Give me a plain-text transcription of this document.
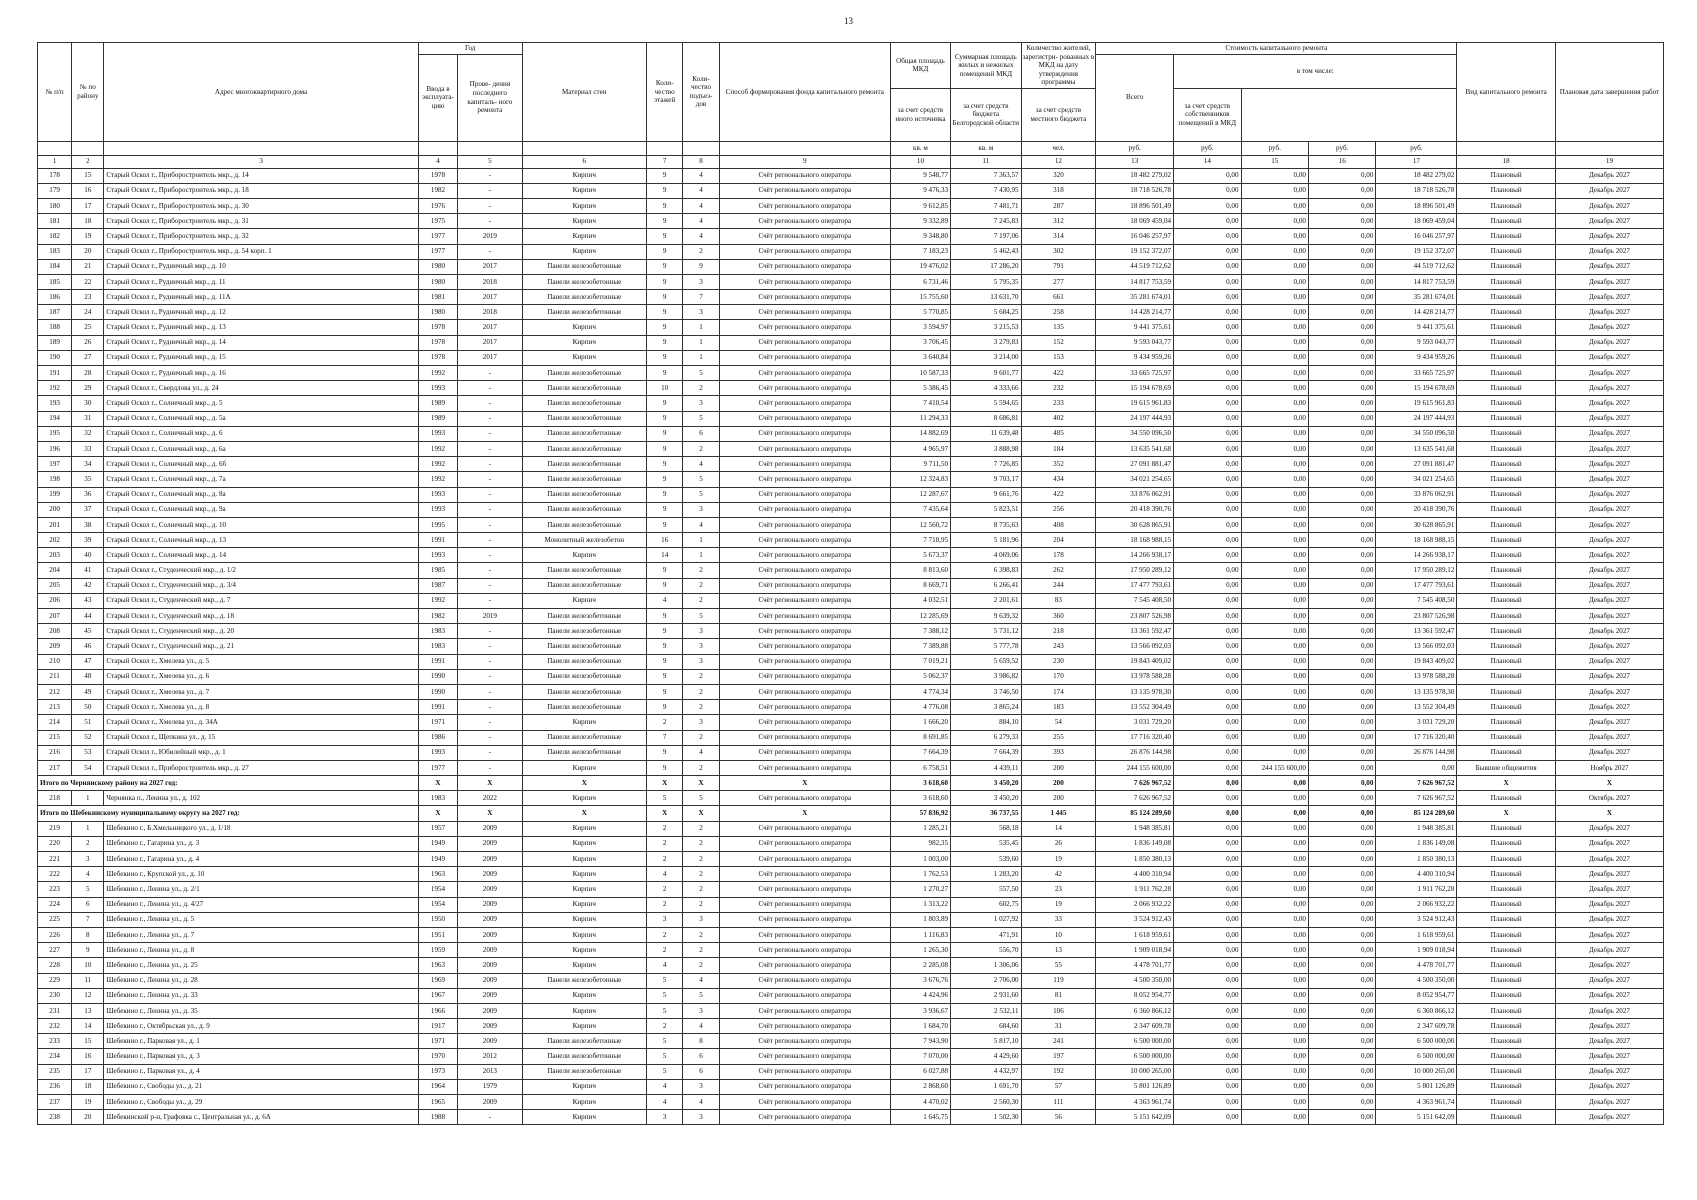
13
№ п/п	№ по району	Адрес многоквартирного дома	Год		Материал стен	Коли- чество этажей	Коли- чество подъез- дов	Способ формирования фонда капитального ремонта	Общая площадь МКД	Суммарная площадь жилых и нежилых помещений МКД	Количество жителей, зарегистри- рованных в МКД на дату утверждения программы	Стоимость капитального ремонта					Вид капитального ремонта	Плановая дата завершения работ
			Ввода в эксплуата- цию	Прове- дения последнего капиталь- ного ремонта								Всего	в том числе:					
									за счет средств иного источника	за счет средств бюджета Белгородской области	за счет средств местного бюджета		за счет средств собственников помещений в МКД					
									кв. м	кв. м	чел.	руб.	руб.	руб.	руб.	руб.		
1	2	3	4	5	6	7	8	9	10	11	12	13	14	15	16	17	18	19
178	15	Старый Оскол г., Приборостроитель мкр., д. 14	1978	-	Кирпич	9	4	Счёт регионального оператора	9 548,77	7 363,57	320	18 482 279,02	0,00	0,00	0,00	18 482 279,02	Плановый	Декабрь 2027
179	16	Старый Оскол г., Приборостроитель мкр., д. 18	1982	-	Кирпич	9	4	Счёт регионального оператора	9 476,33	7 430,95	318	18 718 526,78	0,00	0,00	0,00	18 718 526,78	Плановый	Декабрь 2027
180	17	Старый Оскол г., Приборостроитель мкр., д. 30	1976	-	Кирпич	9	4	Счёт регионального оператора	9 612,85	7 481,71	287	18 896 501,49	0,00	0,00	0,00	18 896 501,49	Плановый	Декабрь 2027
181	18	Старый Оскол г., Приборостроитель мкр., д. 31	1975	-	Кирпич	9	4	Счёт регионального оператора	9 332,89	7 245,83	312	18 069 459,04	0,00	0,00	0,00	18 069 459,04	Плановый	Декабрь 2027
182	19	Старый Оскол г., Приборостроитель мкр., д. 32	1977	2019	Кирпич	9	4	Счёт регионального оператора	9 348,80	7 197,06	314	16 046 257,97	0,00	0,00	0,00	16 046 257,97	Плановый	Декабрь 2027
183	20	Старый Оскол г., Приборостроитель мкр., д. 54 корп. 1	1977	-	Кирпич	9	2	Счёт регионального оператора	7 183,23	5 462,43	302	19 152 372,07	0,00	0,00	0,00	19 152 372,07	Плановый	Декабрь 2027
184	21	Старый Оскол г., Рудничный мкр., д. 10	1980	2017	Панели железобетонные	9	9	Счёт регионального оператора	19 476,02	17 286,20	791	44 519 712,62	0,00	0,00	0,00	44 519 712,62	Плановый	Декабрь 2027
185	22	Старый Оскол г., Рудничный мкр., д. 11	1980	2018	Панели железобетонные	9	3	Счёт регионального оператора	6 731,46	5 795,35	277	14 817 753,59	0,00	0,00	0,00	14 817 753,59	Плановый	Декабрь 2027
186	23	Старый Оскол г., Рудничный мкр., д. 11А	1981	2017	Панели железобетонные	9	7	Счёт регионального оператора	15 755,60	13 631,70	661	35 281 674,01	0,00	0,00	0,00	35 281 674,01	Плановый	Декабрь 2027
187	24	Старый Оскол г., Рудничный мкр., д. 12	1980	2018	Панели железобетонные	9	3	Счёт регионального оператора	5 770,85	5 684,25	258	14 428 214,77	0,00	0,00	0,00	14 428 214,77	Плановый	Декабрь 2027
188	25	Старый Оскол г., Рудничный мкр., д. 13	1978	2017	Кирпич	9	1	Счёт регионального оператора	3 594,97	3 215,53	135	9 441 375,61	0,00	0,00	0,00	9 441 375,61	Плановый	Декабрь 2027
189	26	Старый Оскол г., Рудничный мкр., д. 14	1978	2017	Кирпич	9	1	Счёт регионального оператора	3 706,45	3 279,83	152	9 593 043,77	0,00	0,00	0,00	9 593 043,77	Плановый	Декабрь 2027
190	27	Старый Оскол г., Рудничный мкр., д. 15	1978	2017	Кирпич	9	1	Счёт регионального оператора	3 640,84	3 214,00	153	9 434 959,26	0,00	0,00	0,00	9 434 959,26	Плановый	Декабрь 2027
191	28	Старый Оскол г., Рудничный мкр., д. 16	1992	-	Панели железобетонные	9	5	Счёт регионального оператора	10 587,33	9 601,77	422	33 665 725,97	0,00	0,00	0,00	33 665 725,97	Плановый	Декабрь 2027
192	29	Старый Оскол г., Свердлова ул., д. 24	1993	-	Панели железобетонные	10	2	Счёт регионального оператора	5 386,45	4 333,66	232	15 194 678,69	0,00	0,00	0,00	15 194 678,69	Плановый	Декабрь 2027
193	30	Старый Оскол г., Солнечный мкр., д. 5	1989	-	Панели железобетонные	9	3	Счёт регионального оператора	7 410,54	5 594,65	233	19 615 961,83	0,00	0,00	0,00	19 615 961,83	Плановый	Декабрь 2027
194	31	Старый Оскол г., Солнечный мкр., д. 5а	1989	-	Панели железобетонные	9	5	Счёт регионального оператора	11 294,33	8 686,81	402	24 197 444,93	0,00	0,00	0,00	24 197 444,93	Плановый	Декабрь 2027
195	32	Старый Оскол г., Солнечный мкр., д. 6	1993	-	Панели железобетонные	9	6	Счёт регионального оператора	14 882,69	11 639,48	485	34 550 096,50	0,00	0,00	0,00	34 550 096,50	Плановый	Декабрь 2027
196	33	Старый Оскол г., Солнечный мкр., д. 6а	1992	-	Панели железобетонные	9	2	Счёт регионального оператора	4 965,97	3 888,98	184	13 635 541,68	0,00	0,00	0,00	13 635 541,68	Плановый	Декабрь 2027
197	34	Старый Оскол г., Солнечный мкр., д. 6б	1992	-	Панели железобетонные	9	4	Счёт регионального оператора	9 711,50	7 726,85	352	27 091 881,47	0,00	0,00	0,00	27 091 881,47	Плановый	Декабрь 2027
198	35	Старый Оскол г., Солнечный мкр., д. 7а	1992	-	Панели железобетонные	9	5	Счёт регионального оператора	12 324,83	9 703,17	434	34 021 254,65	0,00	0,00	0,00	34 021 254,65	Плановый	Декабрь 2027
199	36	Старый Оскол г., Солнечный мкр., д. 8а	1993	-	Панели железобетонные	9	5	Счёт регионального оператора	12 287,67	9 661,76	422	33 876 062,91	0,00	0,00	0,00	33 876 062,91	Плановый	Декабрь 2027
200	37	Старый Оскол г., Солнечный мкр., д. 9а	1993	-	Панели железобетонные	9	3	Счёт регионального оператора	7 435,64	5 823,51	256	20 418 390,76	0,00	0,00	0,00	20 418 390,76	Плановый	Декабрь 2027
201	38	Старый Оскол г., Солнечный мкр., д. 10	1995	-	Панели железобетонные	9	4	Счёт регионального оператора	12 560,72	8 735,63	408	30 628 865,91	0,00	0,00	0,00	30 628 865,91	Плановый	Декабрь 2027
202	39	Старый Оскол г., Солнечный мкр., д. 13	1991	-	Монолитный железобетон	16	1	Счёт регионального оператора	7 718,95	5 181,96	204	18 168 988,15	0,00	0,00	0,00	18 168 988,15	Плановый	Декабрь 2027
203	40	Старый Оскол г., Солнечный мкр., д. 14	1993	-	Кирпич	14	1	Счёт регионального оператора	5 673,37	4 069,06	178	14 266 938,17	0,00	0,00	0,00	14 266 938,17	Плановый	Декабрь 2027
204	41	Старый Оскол г., Студенческий мкр., д. 1/2	1985	-	Панели железобетонные	9	2	Счёт регионального оператора	8 813,60	6 398,83	262	17 950 289,12	0,00	0,00	0,00	17 950 289,12	Плановый	Декабрь 2027
205	42	Старый Оскол г., Студенческий мкр., д. 3/4	1987	-	Панели железобетонные	9	2	Счёт регионального оператора	8 669,71	6 266,41	244	17 477 793,61	0,00	0,00	0,00	17 477 793,61	Плановый	Декабрь 2027
206	43	Старый Оскол г., Студенческий мкр., д. 7	1992	-	Кирпич	4	2	Счёт регионального оператора	4 032,51	2 201,61	83	7 545 408,50	0,00	0,00	0,00	7 545 408,50	Плановый	Декабрь 2027
207	44	Старый Оскол г., Студенческий мкр., д. 18	1982	2019	Панели железобетонные	9	5	Счёт регионального оператора	12 285,69	9 639,32	360	23 807 526,98	0,00	0,00	0,00	23 807 526,98	Плановый	Декабрь 2027
208	45	Старый Оскол г., Студенческий мкр., д. 20	1983	-	Панели железобетонные	9	3	Счёт регионального оператора	7 388,12	5 731,12	218	13 361 592,47	0,00	0,00	0,00	13 361 592,47	Плановый	Декабрь 2027
209	46	Старый Оскол г., Студенческий мкр., д. 21	1983	-	Панели железобетонные	9	3	Счёт регионального оператора	7 389,88	5 777,78	243	13 566 092,03	0,00	0,00	0,00	13 566 092,03	Плановый	Декабрь 2027
210	47	Старый Оскол г., Хмелева ул., д. 5	1991	-	Панели железобетонные	9	3	Счёт регионального оператора	7 019,21	5 659,52	230	19 843 409,02	0,00	0,00	0,00	19 843 409,02	Плановый	Декабрь 2027
211	48	Старый Оскол г., Хмелева ул., д. 6	1990	-	Панели железобетонные	9	2	Счёт регионального оператора	5 062,37	3 986,82	170	13 978 588,28	0,00	0,00	0,00	13 978 588,28	Плановый	Декабрь 2027
212	49	Старый Оскол г., Хмелева ул., д. 7	1990	-	Панели железобетонные	9	2	Счёт регионального оператора	4 774,34	3 746,50	174	13 135 978,30	0,00	0,00	0,00	13 135 978,30	Плановый	Декабрь 2027
213	50	Старый Оскол г., Хмелева ул., д. 8	1991	-	Панели железобетонные	9	2	Счёт регионального оператора	4 776,08	3 865,24	183	13 552 304,49	0,00	0,00	0,00	13 552 304,49	Плановый	Декабрь 2027
214	51	Старый Оскол г., Хмелева ул., д. 34А	1971	-	Кирпич	2	3	Счёт регионального оператора	1 666,20	884,10	54	3 031 729,20	0,00	0,00	0,00	3 031 729,20	Плановый	Декабрь 2027
215	52	Старый Оскол г., Щепкина ул., д. 15	1986	-	Панели железобетонные	7	2	Счёт регионального оператора	8 691,85	6 279,33	255	17 716 320,40	0,00	0,00	0,00	17 716 320,40	Плановый	Декабрь 2027
216	53	Старый Оскол г., Юбилейный мкр., д. 1	1993	-	Панели железобетонные	9	4	Счёт регионального оператора	7 664,39	7 664,39	393	26 876 144,98	0,00	0,00	0,00	26 876 144,98	Плановый	Декабрь 2027
217	54	Старый Оскол г., Приборостроитель мкр., д. 27	1977	-	Кирпич	9	2	Счёт регионального оператора	6 758,51	4 439,11	200	244 155 600,00	0,00	244 155 600,00	0,00	0,00	Бывшие общежития	Ноябрь 2027
Итого по Чернянскому району на 2027 год:			X	X	X	X	X	X	3 618,60	3 450,20	200	7 626 967,52	0,00	0,00	0,00	7 626 967,52	X	X
218	1	Чернянка п., Ленина ул., д. 102	1983	2022	Кирпич	5	5	Счёт регионального оператора	3 618,60	3 450,20	200	7 626 967,52	0,00	0,00	0,00	7 626 967,52	Плановый	Октябрь 2027
Итого по Шебекинскому муниципальному округу на 2027 год:			X	X	X	X	X	X	57 836,92	36 737,55	1 445	85 124 289,60	0,00	0,00	0,00	85 124 289,60	X	X
219	1	Шебекино г., Б.Хмельницкого ул., д. 1/18	1957	2009	Кирпич	2	2	Счёт регионального оператора	1 285,21	568,18	14	1 948 385,81	0,00	0,00	0,00	1 948 385,81	Плановый	Декабрь 2027
220	2	Шебекино г., Гагарина ул., д. 3	1949	2009	Кирпич	2	2	Счёт регионального оператора	982,35	535,45	26	1 836 149,08	0,00	0,00	0,00	1 836 149,08	Плановый	Декабрь 2027
221	3	Шебекино г., Гагарина ул., д. 4	1949	2009	Кирпич	2	2	Счёт регионального оператора	1 003,00	539,60	19	1 850 380,13	0,00	0,00	0,00	1 850 380,13	Плановый	Декабрь 2027
222	4	Шебекино г., Крупской ул., д. 10	1963	2009	Кирпич	4	2	Счёт регионального оператора	1 762,53	1 283,20	42	4 400 310,94	0,00	0,00	0,00	4 400 310,94	Плановый	Декабрь 2027
223	5	Шебекино г., Ленина ул., д. 2/1	1954	2009	Кирпич	2	2	Счёт регионального оператора	1 270,27	557,50	23	1 911 762,28	0,00	0,00	0,00	1 911 762,28	Плановый	Декабрь 2027
224	6	Шебекино г., Ленина ул., д. 4/27	1954	2009	Кирпич	2	2	Счёт регионального оператора	1 313,22	602,75	19	2 066 932,22	0,00	0,00	0,00	2 066 932,22	Плановый	Декабрь 2027
225	7	Шебекино г., Ленина ул., д. 5	1950	2009	Кирпич	3	3	Счёт регионального оператора	1 803,89	1 027,92	33	3 524 912,43	0,00	0,00	0,00	3 524 912,43	Плановый	Декабрь 2027
226	8	Шебекино г., Ленина ул., д. 7	1951	2009	Кирпич	2	2	Счёт регионального оператора	1 116,83	471,91	10	1 618 959,61	0,00	0,00	0,00	1 618 959,61	Плановый	Декабрь 2027
227	9	Шебекино г., Ленина ул., д. 8	1959	2009	Кирпич	2	2	Счёт регионального оператора	1 265,30	556,70	13	1 909 018,94	0,00	0,00	0,00	1 909 018,94	Плановый	Декабрь 2027
228	10	Шебекино г., Ленина ул., д. 25	1963	2009	Кирпич	4	2	Счёт регионального оператора	2 285,08	1 306,06	55	4 478 701,77	0,00	0,00	0,00	4 478 701,77	Плановый	Декабрь 2027
229	11	Шебекино г., Ленина ул., д. 28	1969	2009	Панели железобетонные	5	4	Счёт регионального оператора	3 676,76	2 706,00	119	4 500 350,00	0,00	0,00	0,00	4 500 350,00	Плановый	Декабрь 2027
230	12	Шебекино г., Ленина ул., д. 33	1967	2009	Кирпич	5	5	Счёт регионального оператора	4 424,96	2 931,60	81	8 052 954,77	0,00	0,00	0,00	8 052 954,77	Плановый	Декабрь 2027
231	13	Шебекино г., Ленина ул., д. 35	1966	2009	Кирпич	5	3	Счёт регионального оператора	3 936,67	2 532,11	106	6 360 866,12	0,00	0,00	0,00	6 360 866,12	Плановый	Декабрь 2027
232	14	Шебекино г., Октябрьская ул., д. 9	1917	2009	Кирпич	2	4	Счёт регионального оператора	1 684,70	684,60	31	2 347 609,78	0,00	0,00	0,00	2 347 609,78	Плановый	Декабрь 2027
233	15	Шебекино г., Парковая ул., д. 1	1971	2009	Панели железобетонные	5	8	Счёт регионального оператора	7 943,90	5 817,10	241	6 500 000,00	0,00	0,00	0,00	6 500 000,00	Плановый	Декабрь 2027
234	16	Шебекино г., Парковая ул., д. 3	1970	2012	Панели железобетонные	5	6	Счёт регионального оператора	7 070,00	4 429,60	197	6 500 000,00	0,00	0,00	0,00	6 500 000,00	Плановый	Декабрь 2027
235	17	Шебекино г., Парковая ул., д. 4	1973	2013	Панели железобетонные	5	6	Счёт регионального оператора	6 027,88	4 432,97	192	10 000 265,00	0,00	0,00	0,00	10 000 265,00	Плановый	Декабрь 2027
236	18	Шебекино г., Свободы ул., д. 21	1964	1979	Кирпич	4	3	Счёт регионального оператора	2 868,60	1 691,70	57	5 801 126,89	0,00	0,00	0,00	5 801 126,89	Плановый	Декабрь 2027
237	19	Шебекино г., Свободы ул., д. 29	1965	2009	Кирпич	4	4	Счёт регионального оператора	4 470,02	2 560,30	111	4 363 961,74	0,00	0,00	0,00	4 363 961,74	Плановый	Декабрь 2027
238	20	Шебекинский р-н, Графовка с., Центральная ул., д. 6А	1988	-	Кирпич	3	3	Счёт регионального оператора	1 645,75	1 502,30	56	5 151 642,09	0,00	0,00	0,00	5 151 642,09	Плановый	Декабрь 2027
